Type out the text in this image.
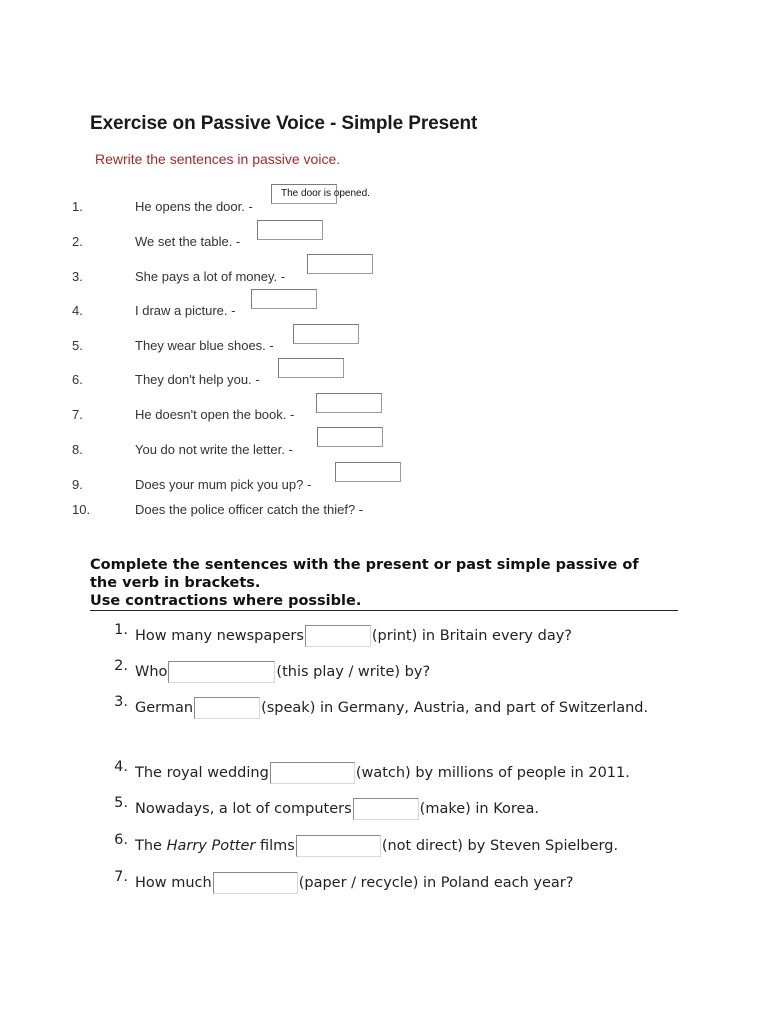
Exercise on Passive Voice - Simple Present
Rewrite the sentences in passive voice.
1.	He opens the door. -
The door is opened.
2.	We set the table. -
3.	She pays a lot of money. -
4.	I draw a picture. -
5.	They wear blue shoes. -
6.	They don't help you. -
7.	He doesn't open the book. -
8.	You do not write the letter. -
9.	Does your mum pick you up? -
10.	Does the police officer catch the thief? -
Complete the sentences with the present or past simple passive of
the verb in brackets.
Use contractions where possible.
1. How many newspapers	(print) in Britain every day?
2. Who	(this play / write) by?
3. German	(speak) in Germany, Austria, and part of Switzerland.
4. The royal wedding	(watch) by millions of people in 2011.
5. Nowadays, a lot of computers	(make) in Korea.
6. The Harry Potter films	(not direct) by Steven Spielberg.
7. How much	(paper / recycle) in Poland each year?
